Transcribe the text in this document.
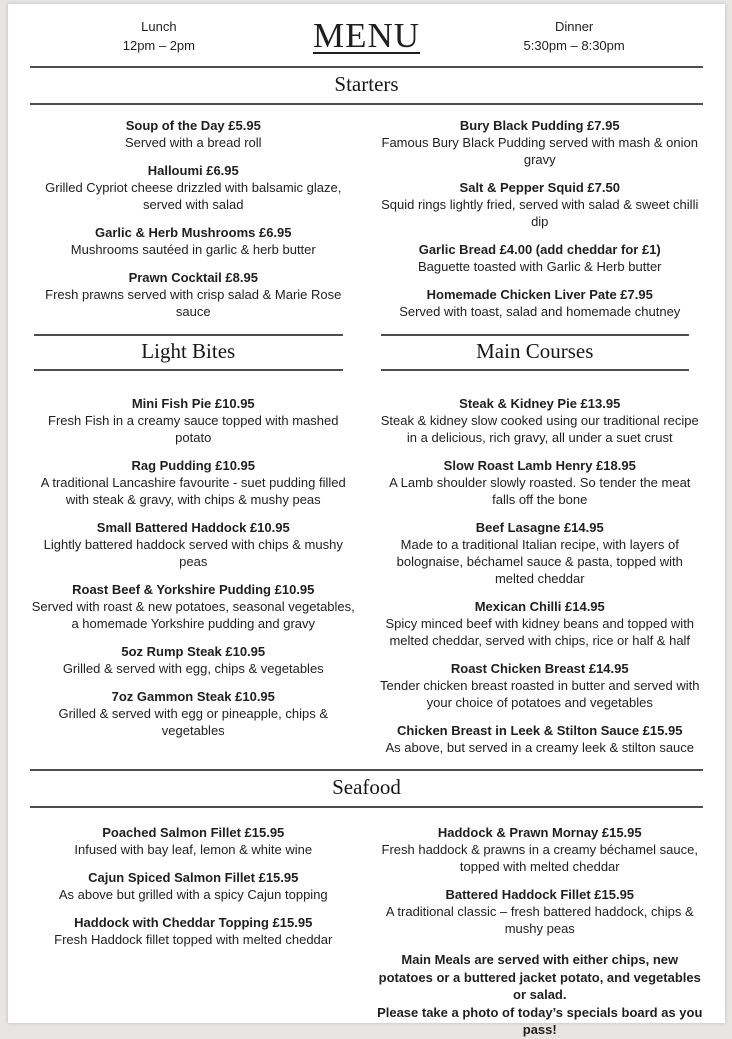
Lunch
12pm – 2pm	MENU	Dinner
5:30pm – 8:30pm
Starters
Soup of the Day £5.95
Served with a bread roll
Halloumi £6.95
Grilled Cypriot cheese drizzled with balsamic glaze, served with salad
Garlic & Herb Mushrooms £6.95
Mushrooms sautéed in garlic & herb butter
Prawn Cocktail £8.95
Fresh prawns served with crisp salad & Marie Rose sauce
Light Bites
Mini Fish Pie £10.95
Fresh Fish in a creamy sauce topped with mashed potato
Rag Pudding £10.95
A traditional Lancashire favourite - suet pudding filled with steak & gravy, with chips & mushy peas
Small Battered Haddock £10.95
Lightly battered haddock served with chips & mushy peas
Roast Beef & Yorkshire Pudding £10.95
Served with roast & new potatoes, seasonal vegetables, a homemade Yorkshire pudding and gravy
5oz Rump Steak £10.95
Grilled & served with egg, chips & vegetables
7oz Gammon Steak £10.95
Grilled & served with egg or pineapple, chips & vegetables
Bury Black Pudding £7.95
Famous Bury Black Pudding served with mash & onion gravy
Salt & Pepper Squid £7.50
Squid rings lightly fried, served with salad & sweet chilli dip
Garlic Bread £4.00 (add cheddar for £1)
Baguette toasted with Garlic & Herb butter
Homemade Chicken Liver Pate £7.95
Served with toast, salad and homemade chutney
Main Courses
Steak & Kidney Pie £13.95
Steak & kidney slow cooked using our traditional recipe in a delicious, rich gravy, all under a suet crust
Slow Roast Lamb Henry £18.95
A Lamb shoulder slowly roasted. So tender the meat falls off the bone
Beef Lasagne £14.95
Made to a traditional Italian recipe, with layers of bolognaise, béchamel sauce & pasta, topped with melted cheddar
Mexican Chilli £14.95
Spicy minced beef with kidney beans and topped with melted cheddar, served with chips, rice or half & half
Roast Chicken Breast £14.95
Tender chicken breast roasted in butter and served with your choice of potatoes and vegetables
Chicken Breast in Leek & Stilton Sauce £15.95
As above, but served in a creamy leek & stilton sauce
Seafood
Poached Salmon Fillet £15.95
Infused with bay leaf, lemon & white wine
Cajun Spiced Salmon Fillet £15.95
As above but grilled with a spicy Cajun topping
Haddock with Cheddar Topping £15.95
Fresh Haddock fillet topped with melted cheddar
Haddock & Prawn Mornay £15.95
Fresh haddock & prawns in a creamy béchamel sauce, topped with melted cheddar
Battered Haddock Fillet £15.95
A traditional classic – fresh battered haddock, chips & mushy peas

Main Meals are served with either chips, new potatoes or a buttered jacket potato, and vegetables or salad.

Please take a photo of today’s specials board as you pass!
